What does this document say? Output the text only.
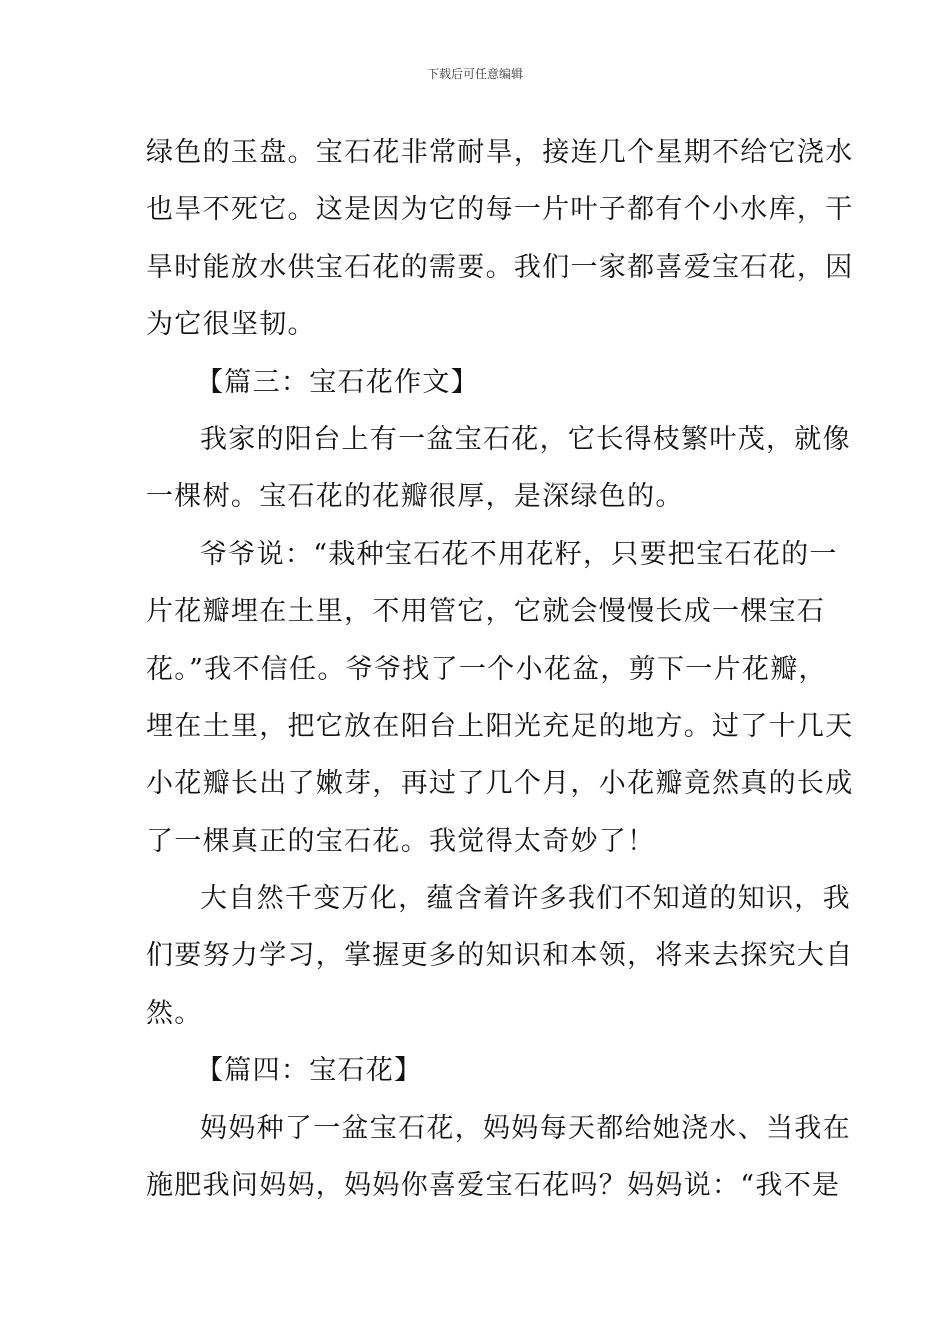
下载后可任意编辑
绿色的玉盘。宝石花非常耐旱，接连几个星期不给它浇水
也旱不死它。这是因为它的每一片叶子都有个小水库，干
旱时能放水供宝石花的需要。我们一家都喜爱宝石花，因
为它很坚韧。
【篇三：宝石花作文】
我家的阳台上有一盆宝石花，它长得枝繁叶茂，就像
一棵树。宝石花的花瓣很厚，是深绿色的。
爷爷说：“栽种宝石花不用花籽，只要把宝石花的一
片花瓣埋在土里，不用管它，它就会慢慢长成一棵宝石
花。”我不信任。爷爷找了一个小花盆，剪下一片花瓣，
埋在土里，把它放在阳台上阳光充足的地方。过了十几天
小花瓣长出了嫩芽，再过了几个月，小花瓣竟然真的长成
了一棵真正的宝石花。我觉得太奇妙了！
大自然千变万化，蕴含着许多我们不知道的知识，我
们要努力学习，掌握更多的知识和本领，将来去探究大自
然。
【篇四：宝石花】
妈妈种了一盆宝石花，妈妈每天都给她浇水、当我在
施肥我问妈妈，妈妈你喜爱宝石花吗？妈妈说：“我不是
